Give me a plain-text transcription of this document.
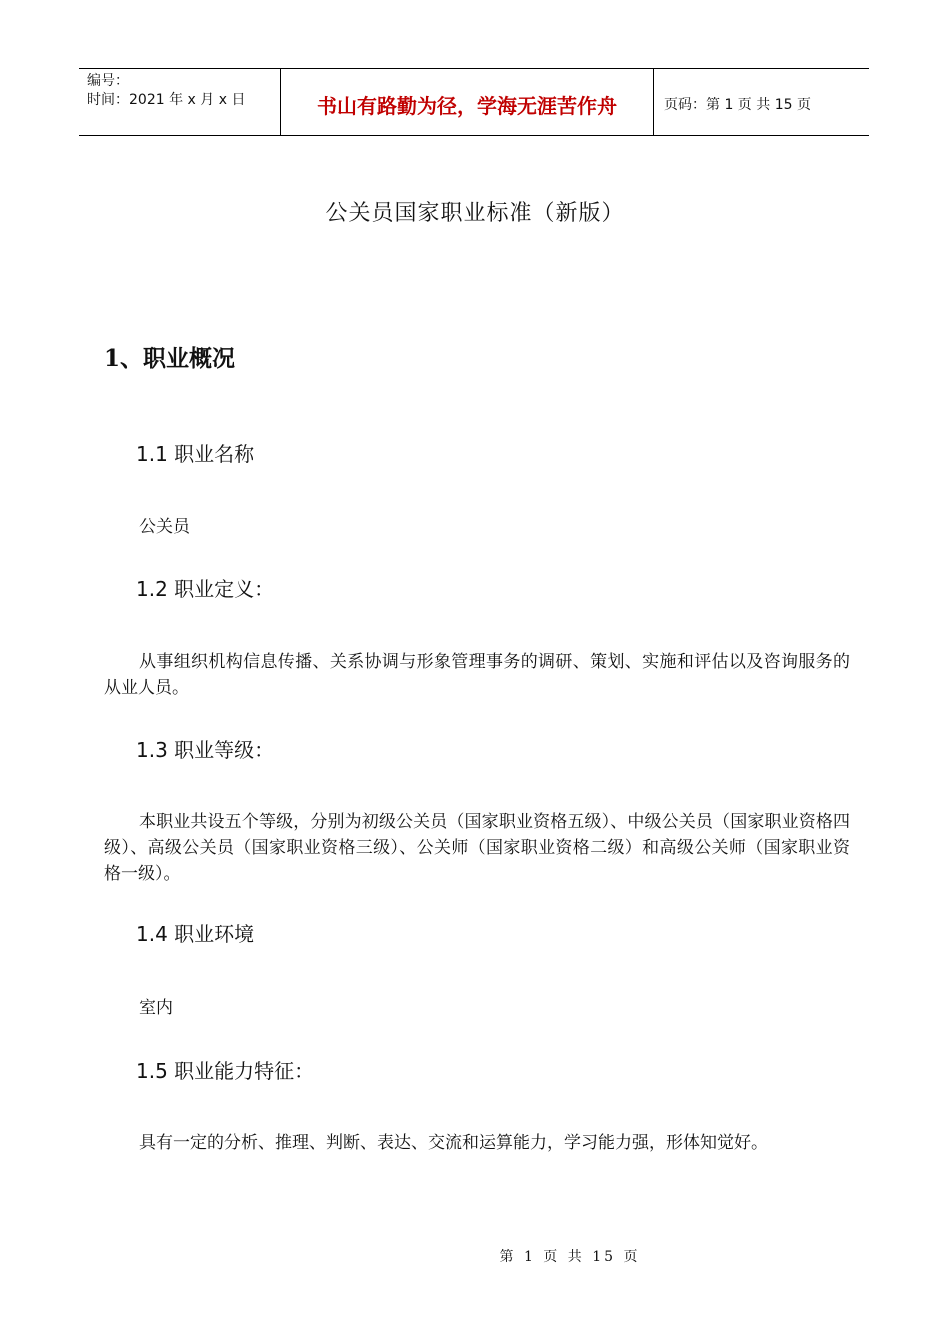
编号：
时间：2021 年 x 月 x 日	书山有路勤为径，学海无涯苦作舟	页码：第 1 页 共 15 页
公关员国家职业标准（新版）
1、职业概况
1.1 职业名称
公关员
1.2 职业定义：
从事组织机构信息传播、关系协调与形象管理事务的调研、策划、实施和评估以及咨询服务的从业人员。
1.3 职业等级：
本职业共设五个等级，分别为初级公关员（国家职业资格五级）、中级公关员（国家职业资格四级）、高级公关员（国家职业资格三级）、公关师（国家职业资格二级）和高级公关师（国家职业资格一级）。
1.4 职业环境
室内
1.5 职业能力特征：
具有一定的分析、推理、判断、表达、交流和运算能力，学习能力强，形体知觉好。
第 1 页 共 15 页
